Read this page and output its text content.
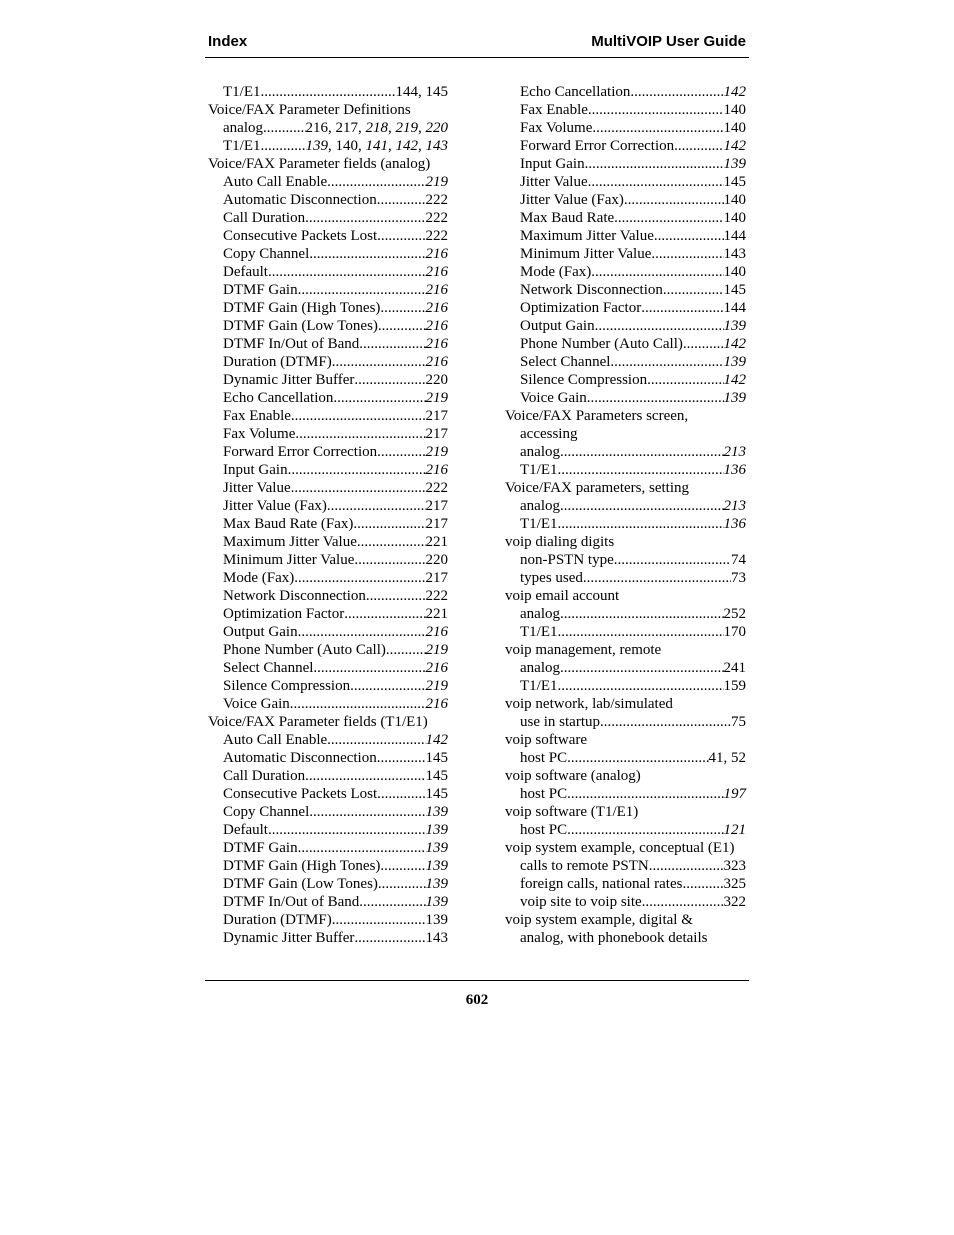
Index	MultiVOIP User Guide
T1/E1 .....	144, 145
Voice/FAX Parameter Definitions
analog .....	216, 217, 218, 219, 220
T1/E1 .....	139, 140, 141, 142, 143
Voice/FAX Parameter fields (analog)
Auto Call Enable .....	219
Automatic Disconnection .....	222
Call Duration .....	222
Consecutive Packets Lost .....	222
Copy Channel .....	216
Default .....	216
DTMF Gain .....	216
DTMF Gain (High Tones) .....	216
DTMF Gain (Low Tones) .....	216
DTMF In/Out of Band .....	216
Duration (DTMF) .....	216
Dynamic Jitter Buffer .....	220
Echo Cancellation .....	219
Fax Enable .....	217
Fax Volume .....	217
Forward Error Correction .....	219
Input Gain .....	216
Jitter Value .....	222
Jitter Value (Fax) .....	217
Max Baud Rate (Fax) .....	217
Maximum Jitter Value .....	221
Minimum Jitter Value .....	220
Mode (Fax) .....	217
Network Disconnection .....	222
Optimization Factor .....	221
Output Gain .....	216
Phone Number (Auto Call) .....	219
Select Channel .....	216
Silence Compression .....	219
Voice Gain .....	216
Voice/FAX Parameter fields (T1/E1)
Auto Call Enable .....	142
Automatic Disconnection .....	145
Call Duration .....	145
Consecutive Packets Lost .....	145
Copy Channel .....	139
Default .....	139
DTMF Gain .....	139
DTMF Gain (High Tones) .....	139
DTMF Gain (Low Tones) .....	139
DTMF In/Out of Band .....	139
Duration (DTMF) .....	139
Dynamic Jitter Buffer .....	143
Echo Cancellation .....	142
Fax Enable .....	140
Fax Volume .....	140
Forward Error Correction .....	142
Input Gain .....	139
Jitter Value .....	145
Jitter Value (Fax) .....	140
Max Baud Rate .....	140
Maximum Jitter Value .....	144
Minimum Jitter Value .....	143
Mode (Fax) .....	140
Network Disconnection .....	145
Optimization Factor .....	144
Output Gain .....	139
Phone Number (Auto Call) .....	142
Select Channel .....	139
Silence Compression .....	142
Voice Gain .....	139
Voice/FAX Parameters screen,
accessing
analog .....	213
T1/E1 .....	136
Voice/FAX parameters, setting
analog .....	213
T1/E1 .....	136
voip dialing digits
non-PSTN type .....	74
types used .....	73
voip email account
analog .....	252
T1/E1 .....	170
voip management, remote
analog .....	241
T1/E1 .....	159
voip network, lab/simulated
use in startup .....	75
voip software
host PC .....	41, 52
voip software (analog)
host PC .....	197
voip software (T1/E1)
host PC .....	121
voip system example, conceptual (E1)
calls to remote PSTN .....	323
foreign calls, national rates .....	325
voip site to voip site .....	322
voip system example, digital &
analog, with phonebook details
602
